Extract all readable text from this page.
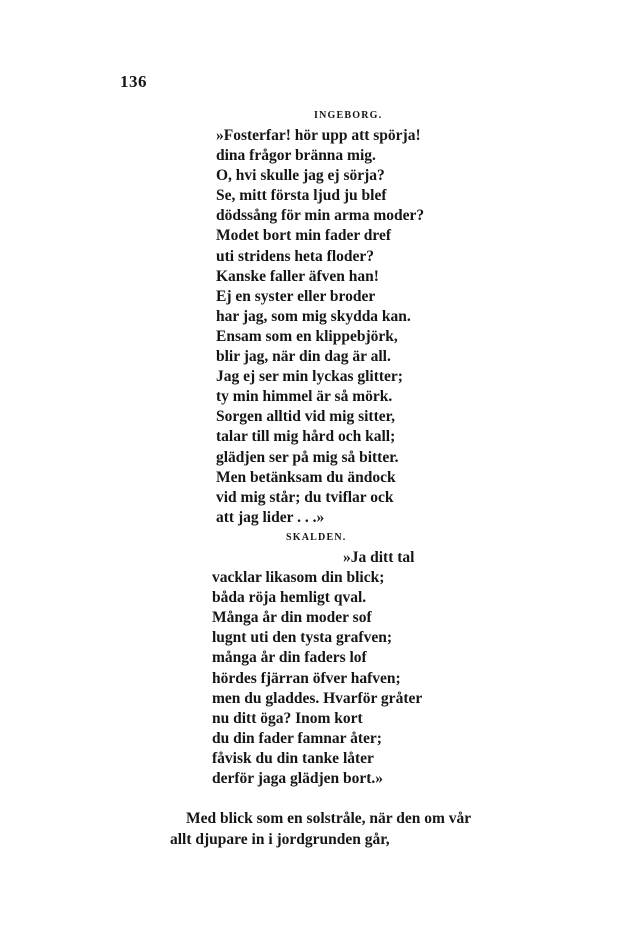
136
INGEBORG.
»Fosterfar! hör upp att spörja!
dina frågor bränna mig.
O, hvi skulle jag ej sörja?
Se, mitt första ljud ju blef
dödssång för min arma moder?
Modet bort min fader dref
uti stridens heta floder?
Kanske faller äfven han!
Ej en syster eller broder
har jag, som mig skydda kan.
Ensam som en klippebjörk,
blir jag, när din dag är all.
Jag ej ser min lyckas glitter;
ty min himmel är så mörk.
Sorgen alltid vid mig sitter,
talar till mig hård och kall;
glädjen ser på mig så bitter.
Men betänksam du ändock
vid mig står; du tviflar ock
att jag lider . . .»
SKALDEN.
»Ja ditt tal
vacklar likasom din blick;
båda röja hemligt qval.
Många år din moder sof
lugnt uti den tysta grafven;
många år din faders lof
hördes fjärran öfver hafven;
men du gladdes. Hvarför gråter
nu ditt öga? Inom kort
du din fader famnar åter;
fåvisk du din tanke låter
derför jaga glädjen bort.»
Med blick som en solstråle, när den om vår
allt djupare in i jordgrunden går,
